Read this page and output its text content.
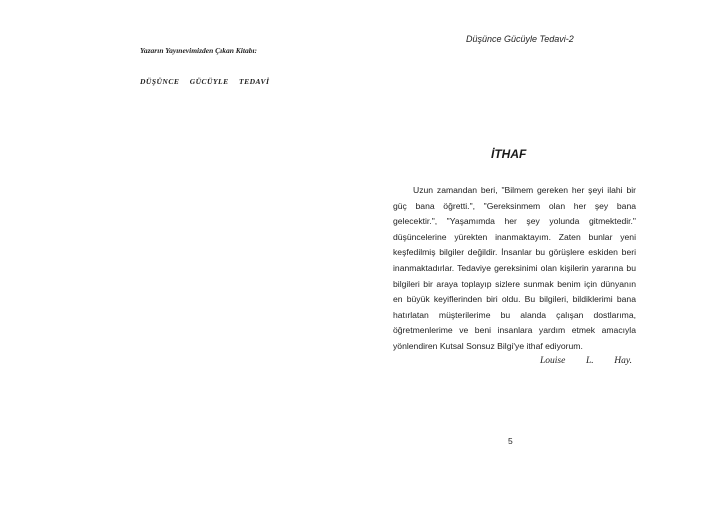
Düşünce Gücüyle Tedavi-2
Yazarın Yayınevimizden Çıkan Kitabı:
DÜŞÜNCE GÜCÜYLE TEDAVİ
İTHAF
Uzun zamandan beri, "Bilmem gereken her şeyi ilahi bir güç bana öğretti.", "Gereksinmem olan her şey bana gelecektir.", "Yaşamımda her şey yolunda gitmektedir." düşüncelerine yürekten inanmaktayım. Zaten bunlar yeni keşfedilmiş bilgiler değildir. İnsanlar bu görüşlere eskiden beri inanmaktadırlar. Tedaviye gereksinimi olan kişilerin yararına bu bilgileri bir araya toplayıp sizlere sunmak benim için dünyanın en büyük keyiflerinden biri oldu. Bu bilgileri, bildiklerimi bana hatırlatan müşterilerime bu alanda çalışan dostlarıma, öğretmenlerime ve beni insanlara yardım etmek amacıyla yönlendiren Kutsal Sonsuz Bilgi'ye ithaf ediyorum.
Louise L. Hay.
5
